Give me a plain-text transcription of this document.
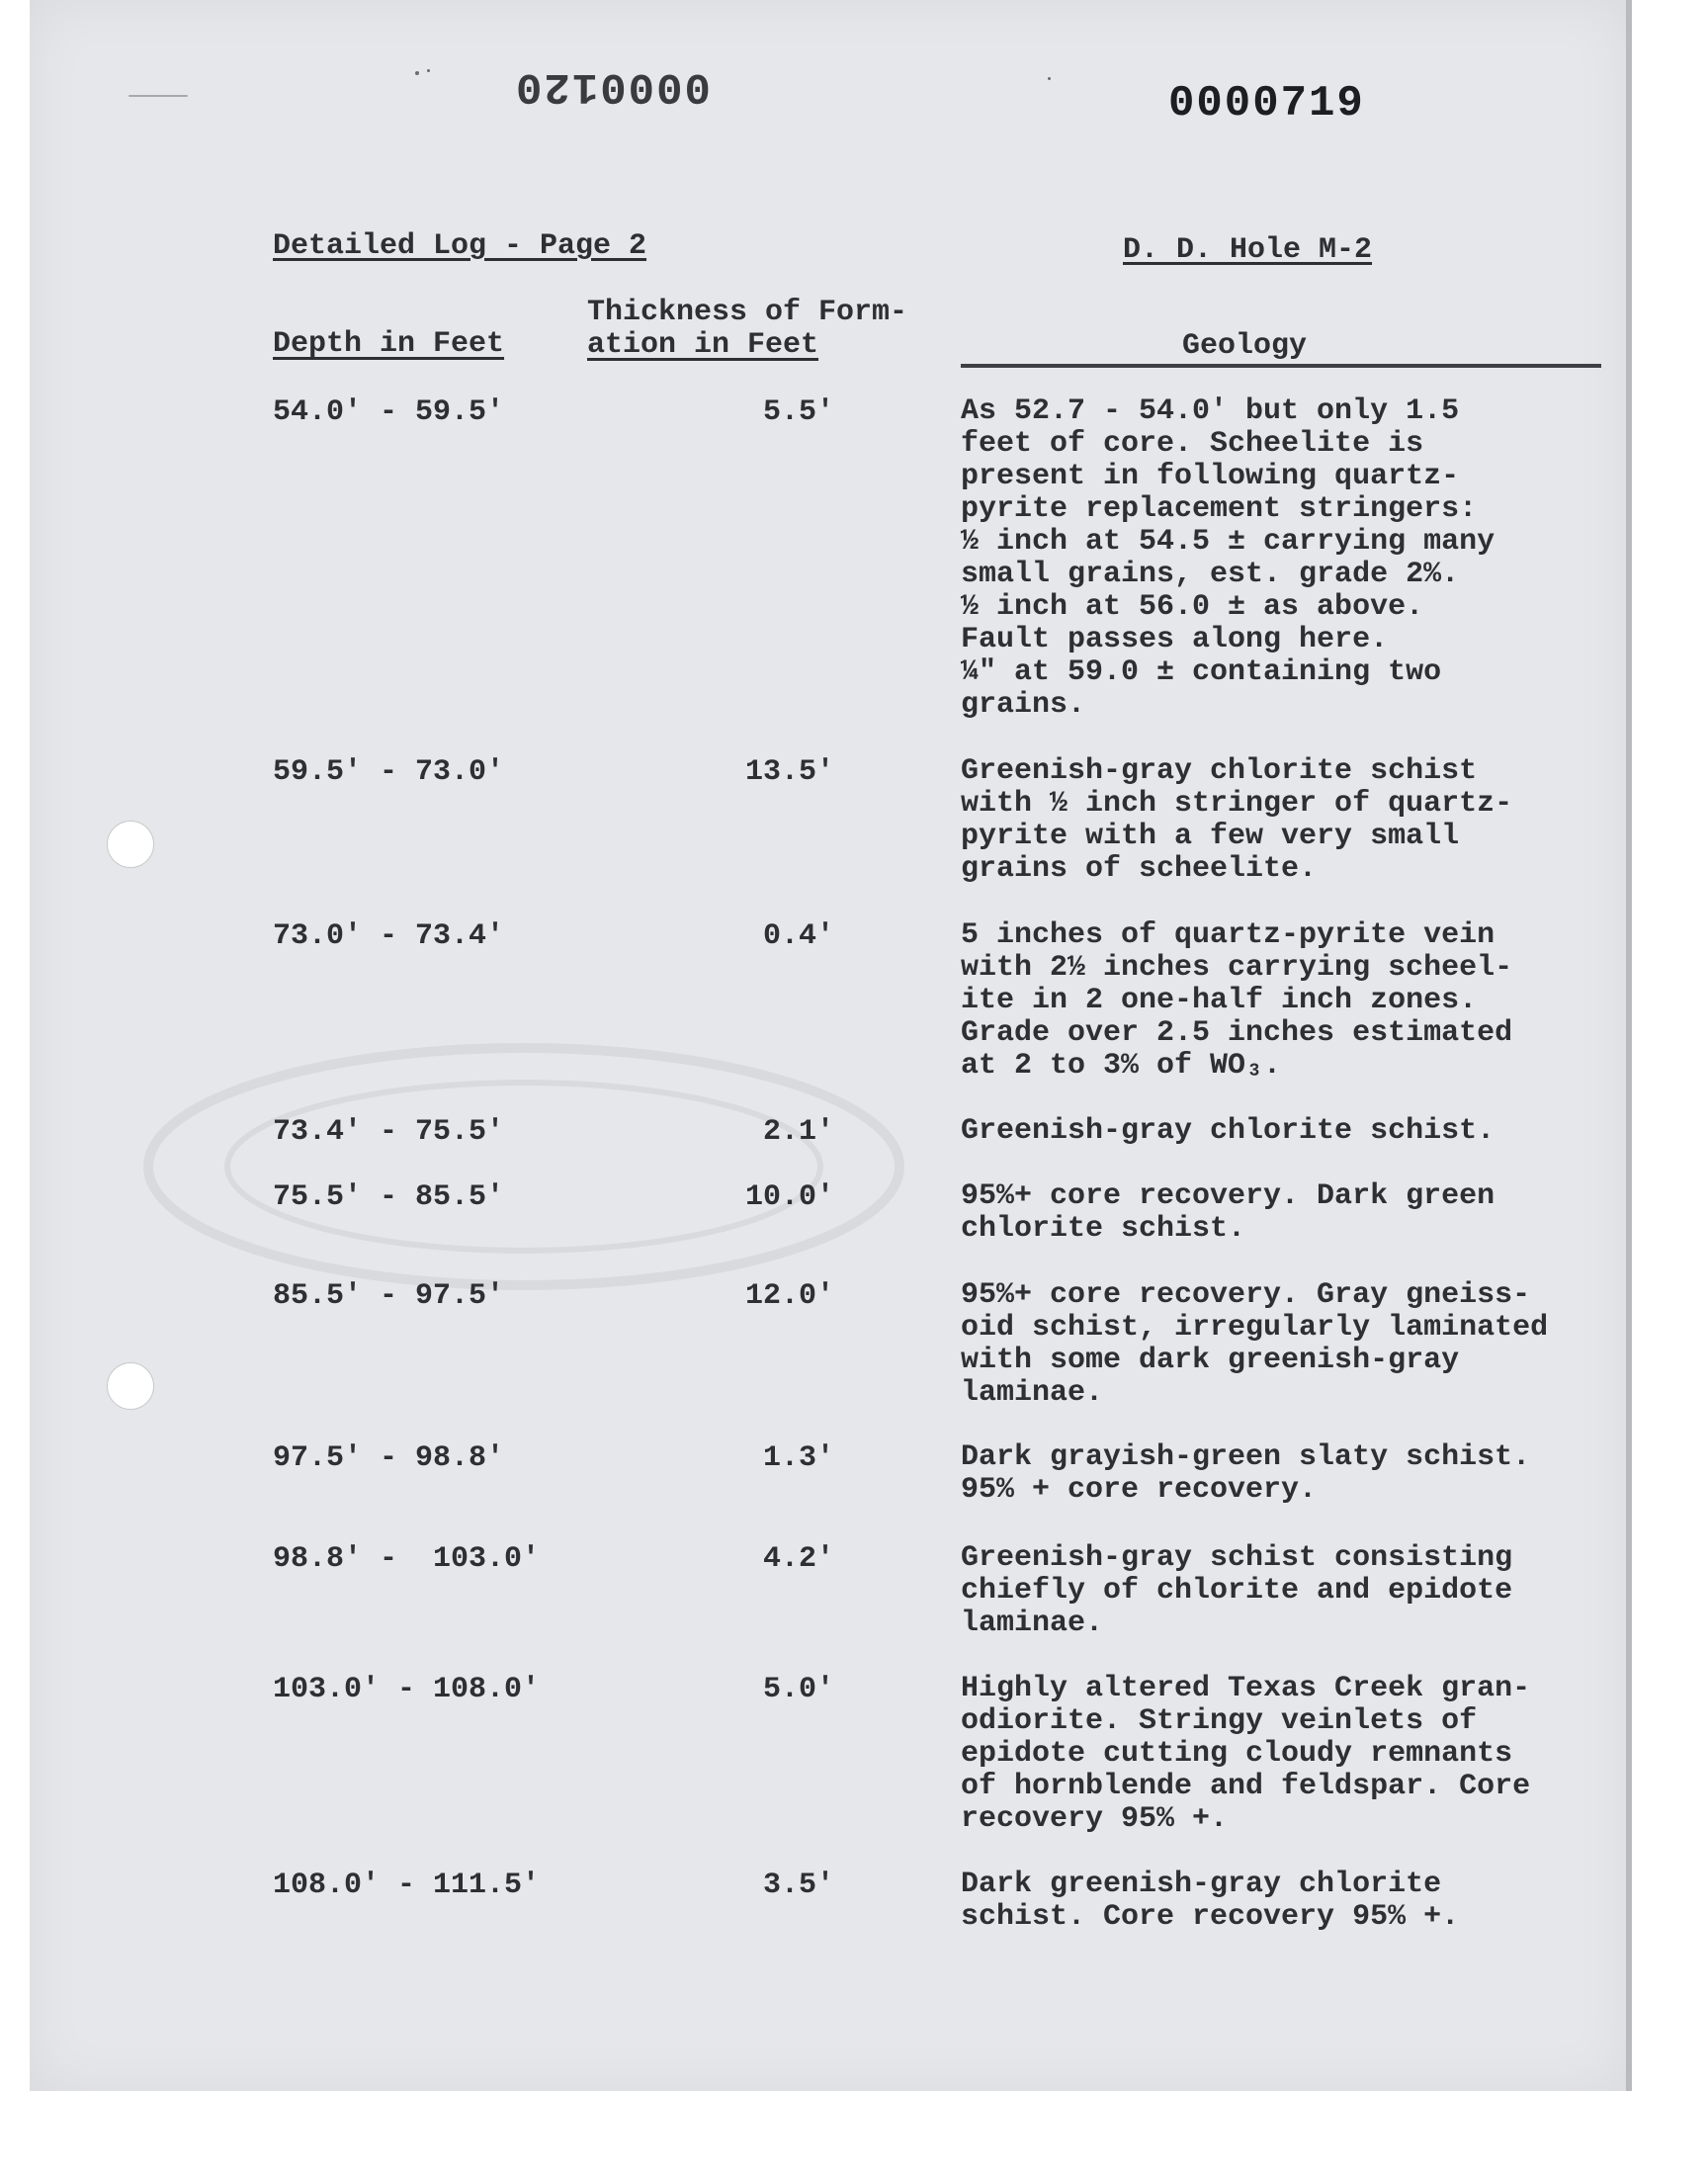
0000120	0000719
Detailed Log - Page 2	D. D. Hole M-2
Depth in Feet
Thickness of Form-
ation in Feet	Geology
54.0' - 59.5'	5.5'	As 52.7 - 54.0' but only 1.5
feet of core. Scheelite is
present in following quartz-
pyrite replacement stringers:
½ inch at 54.5 ± carrying many
small grains, est. grade 2%.
½ inch at 56.0 ± as above.
Fault passes along here.
¼" at 59.0 ± containing two
grains.
59.5' - 73.0'	13.5'	Greenish-gray chlorite schist
with ½ inch stringer of quartz-
pyrite with a few very small
grains of scheelite.
73.0' - 73.4'	0.4'	5 inches of quartz-pyrite vein
with 2½ inches carrying scheel-
ite in 2 one-half inch zones.
Grade over 2.5 inches estimated
at 2 to 3% of WO₃.
73.4' - 75.5'	2.1'	Greenish-gray chlorite schist.
75.5' - 85.5'	10.0'	95%+ core recovery. Dark green
chlorite schist.
85.5' - 97.5'	12.0'	95%+ core recovery. Gray gneiss-
oid schist, irregularly laminated
with some dark greenish-gray
laminae.
97.5' - 98.8'	1.3'	Dark grayish-green slaty schist.
95% + core recovery.
98.8' -  103.0'	4.2'	Greenish-gray schist consisting
chiefly of chlorite and epidote
laminae.
103.0' - 108.0'	5.0'	Highly altered Texas Creek gran-
odiorite. Stringy veinlets of
epidote cutting cloudy remnants
of hornblende and feldspar. Core
recovery 95% +.
108.0' - 111.5'	3.5'	Dark greenish-gray chlorite
schist. Core recovery 95% +.
